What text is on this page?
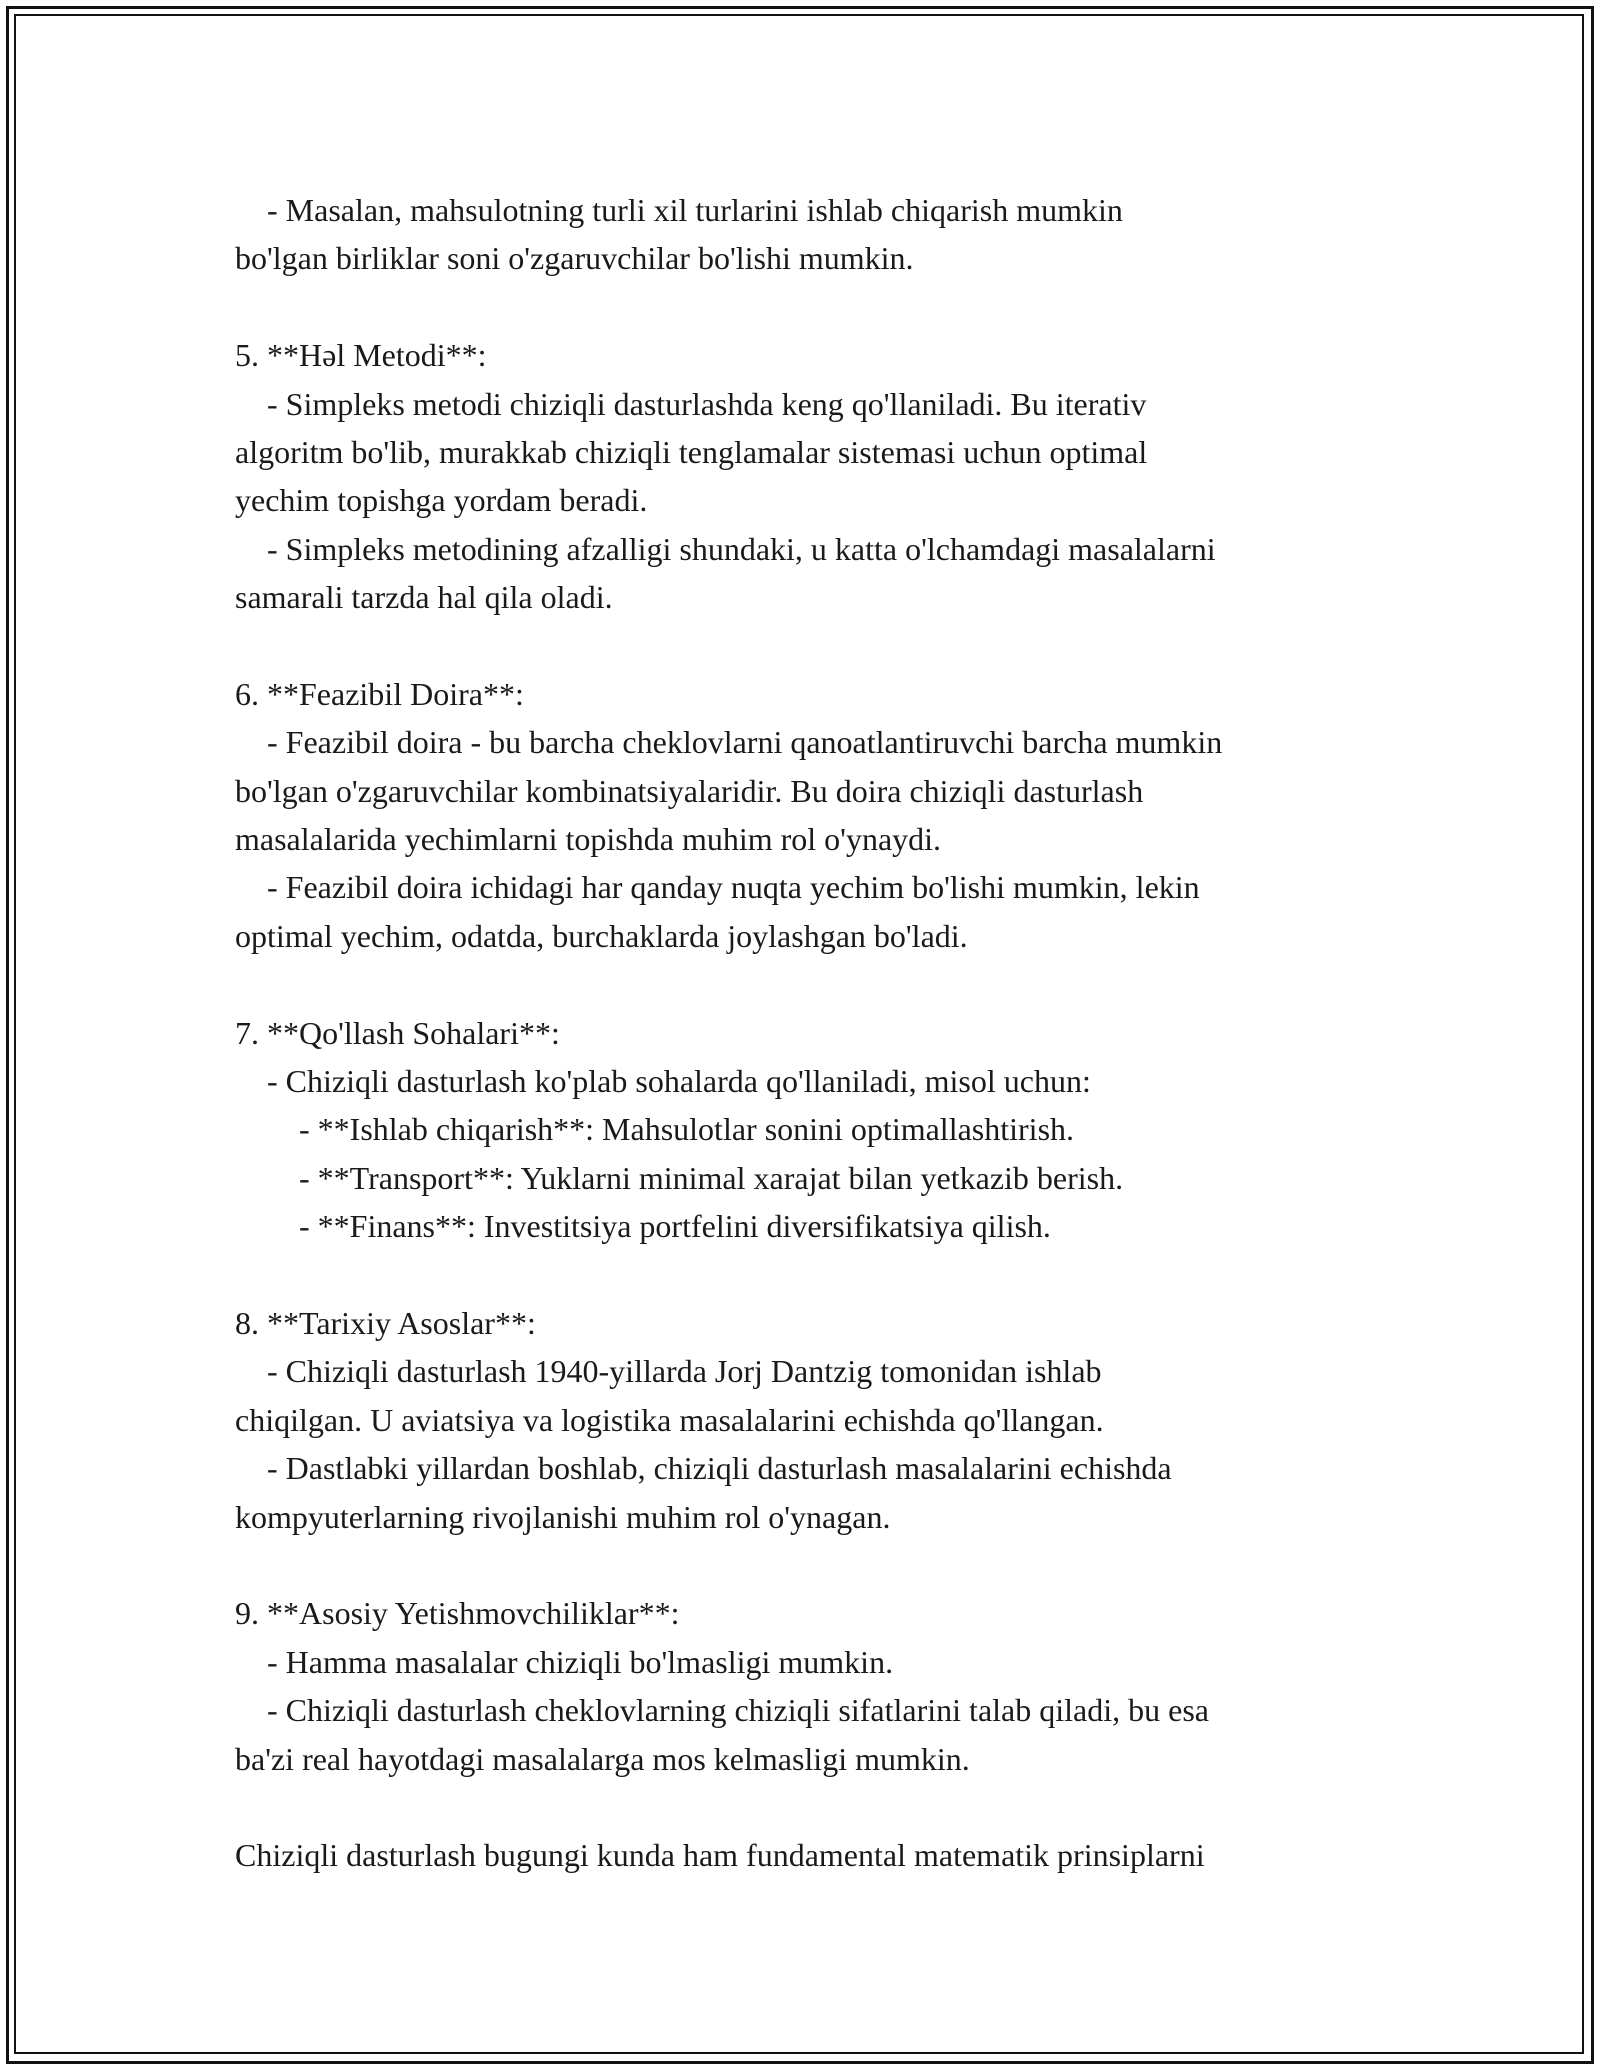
- Masalan, mahsulotning turli xil turlarini ishlab chiqarish mumkin
bo'lgan birliklar soni o'zgaruvchilar bo'lishi mumkin.
5. **Həl Metodi**:
- Simpleks metodi chiziqli dasturlashda keng qo'llaniladi. Bu iterativ
algoritm bo'lib, murakkab chiziqli tenglamalar sistemasi uchun optimal
yechim topishga yordam beradi.
- Simpleks metodining afzalligi shundaki, u katta o'lchamdagi masalalarni
samarali tarzda hal qila oladi.
6. **Feazibil Doira**:
- Feazibil doira - bu barcha cheklovlarni qanoatlantiruvchi barcha mumkin
bo'lgan o'zgaruvchilar kombinatsiyalaridir. Bu doira chiziqli dasturlash
masalalarida yechimlarni topishda muhim rol o'ynaydi.
- Feazibil doira ichidagi har qanday nuqta yechim bo'lishi mumkin, lekin
optimal yechim, odatda, burchaklarda joylashgan bo'ladi.
7. **Qo'llash Sohalari**:
- Chiziqli dasturlash ko'plab sohalarda qo'llaniladi, misol uchun:
- **Ishlab chiqarish**: Mahsulotlar sonini optimallashtirish.
- **Transport**: Yuklarni minimal xarajat bilan yetkazib berish.
- **Finans**: Investitsiya portfelini diversifikatsiya qilish.
8. **Tarixiy Asoslar**:
- Chiziqli dasturlash 1940-yillarda Jorj Dantzig tomonidan ishlab
chiqilgan. U aviatsiya va logistika masalalarini echishda qo'llangan.
- Dastlabki yillardan boshlab, chiziqli dasturlash masalalarini echishda
kompyuterlarning rivojlanishi muhim rol o'ynagan.
9. **Asosiy Yetishmovchiliklar**:
- Hamma masalalar chiziqli bo'lmasligi mumkin.
- Chiziqli dasturlash cheklovlarning chiziqli sifatlarini talab qiladi, bu esa
ba'zi real hayotdagi masalalarga mos kelmasligi mumkin.
Chiziqli dasturlash bugungi kunda ham fundamental matematik prinsiplarni
